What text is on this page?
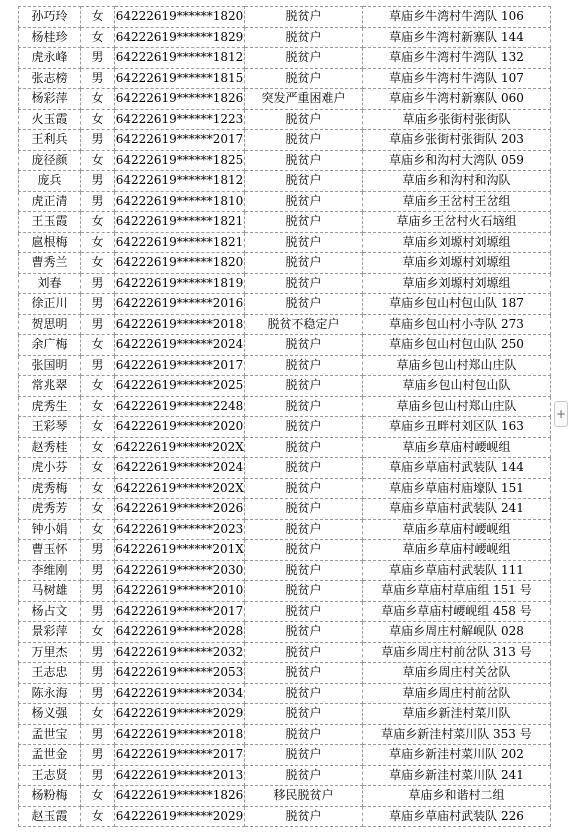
孙巧玲	女	64222619******1820	脱贫户	草庙乡牛湾村牛湾队 106
杨桂珍	女	64222619******1829	脱贫户	草庙乡牛湾村新寨队 144
虎永峰	男	64222619******1812	脱贫户	草庙乡牛湾村牛湾队 132
张志榜	男	64222619******1815	脱贫户	草庙乡牛湾村牛湾队 107
杨彩萍	女	64222619******1826	突发严重困难户	草庙乡牛湾村新寨队 060
火玉霞	女	64222619******1223	脱贫户	草庙乡张街村张街队
王利兵	男	64222619******2017	脱贫户	草庙乡张街村张街队 203
庞径颜	女	64222619******1825	脱贫户	草庙乡和沟村大湾队 059
庞兵	男	64222619******1812	脱贫户	草庙乡和沟村和沟队
虎正清	男	64222619******1810	脱贫户	草庙乡王岔村王岔组
王玉霞	女	64222619******1821	脱贫户	草庙乡王岔村火石垴组
扈根梅	女	64222619******1821	脱贫户	草庙乡刘塬村刘塬组
曹秀兰	女	64222619******1820	脱贫户	草庙乡刘塬村刘塬组
刘春	男	64222619******1819	脱贫户	草庙乡刘塬村刘塬组
徐正川	男	64222619******2016	脱贫户	草庙乡包山村包山队 187
贺思明	男	64222619******2018	脱贫不稳定户	草庙乡包山村小寺队 273
余广梅	女	64222619******2024	脱贫户	草庙乡包山村包山队 250
张国明	男	64222619******2017	脱贫户	草庙乡包山村郑山庄队
常兆翠	女	64222619******2025	脱贫户	草庙乡包山村包山队
虎秀生	女	64222619******2248	脱贫户	草庙乡包山村郑山庄队
王彩琴	女	64222619******2020	脱贫户	草庙乡丑畔村刘区队 163
赵秀桂	女	64222619******202X	脱贫户	草庙乡草庙村崾岘组
虎小芬	女	64222619******2024	脱贫户	草庙乡草庙村武装队 144
虎秀梅	女	64222619******202X	脱贫户	草庙乡草庙村庙壕队 151
虎秀芳	女	64222619******2026	脱贫户	草庙乡草庙村武装队 241
钟小娟	女	64222619******2023	脱贫户	草庙乡草庙村崾岘组
曹玉怀	男	64222619******201X	脱贫户	草庙乡草庙村崾岘组
李维刚	男	64222619******2030	脱贫户	草庙乡草庙村武装队 111
马树雄	男	64222619******2010	脱贫户	草庙乡草庙村草庙组 151 号
杨占文	男	64222619******2017	脱贫户	草庙乡草庙村崾岘组 458 号
景彩萍	女	64222619******2028	脱贫户	草庙乡周庄村解岘队 028
万里杰	男	64222619******2032	脱贫户	草庙乡周庄村前岔队 313 号
王志忠	男	64222619******2053	脱贫户	草庙乡周庄村关岔队
陈永海	男	64222619******2034	脱贫户	草庙乡周庄村前岔队
杨义强	女	64222619******2029	脱贫户	草庙乡新洼村菜川队
孟世宝	男	64222619******2018	脱贫户	草庙乡新洼村菜川队 353 号
孟世金	男	64222619******2017	脱贫户	草庙乡新洼村菜川队 202
王志贤	男	64222619******2013	脱贫户	草庙乡新洼村菜川队 241
杨粉梅	女	64222619******1826	移民脱贫户	草庙乡和谐村二组
赵玉霞	女	64222619******2029	脱贫户	草庙乡草庙村武装队 226
+
